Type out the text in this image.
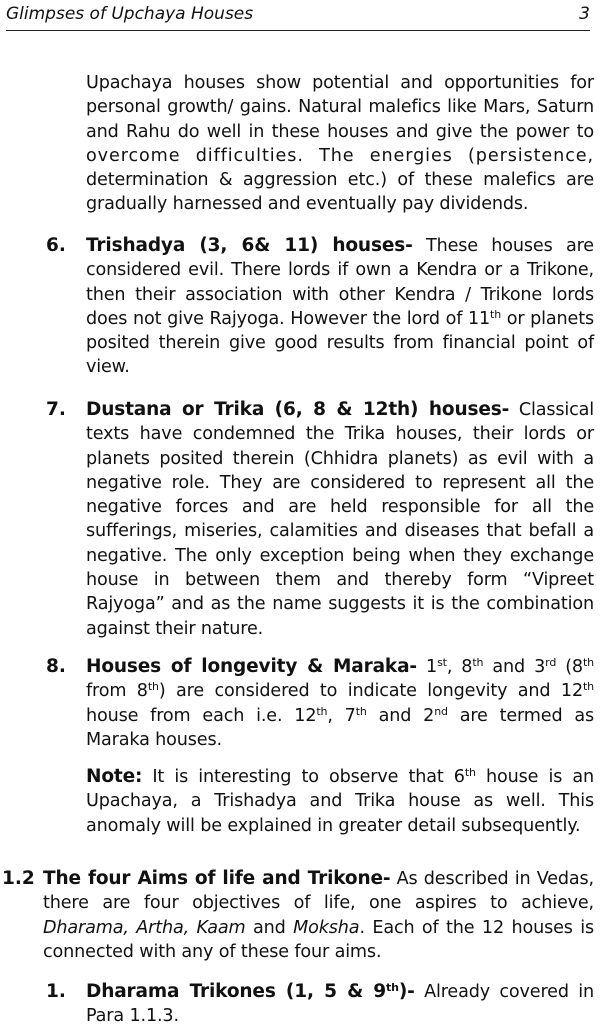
Glimpses of Upchaya Houses	3
Upachaya houses show potential and opportunities for personal growth/ gains. Natural malefics like Mars, Saturn and Rahu do well in these houses and give the power to overcome difficulties. The energies (persistence, determination & aggression etc.) of these malefics are gradually harnessed and eventually pay dividends.
6. Trishadya (3, 6& 11) houses- These houses are considered evil. There lords if own a Kendra or a Trikone, then their association with other Kendra / Trikone lords does not give Rajyoga. However the lord of 11th or planets posited therein give good results from financial point of view.
7. Dustana or Trika (6, 8 & 12th) houses- Classical texts have condemned the Trika houses, their lords or planets posited therein (Chhidra planets) as evil with a negative role. They are considered to represent all the negative forces and are held responsible for all the sufferings, miseries, calamities and diseases that befall a negative. The only exception being when they exchange house in between them and thereby form “Vipreet Rajyoga” and as the name suggests it is the combination against their nature.
8. Houses of longevity & Maraka- 1st, 8th and 3rd (8th from 8th) are considered to indicate longevity and 12th house from each i.e. 12th, 7th and 2nd are termed as Maraka houses.
Note: It is interesting to observe that 6th house is an Upachaya, a Trishadya and Trika house as well. This anomaly will be explained in greater detail subsequently.
1.2 The four Aims of life and Trikone- As described in Vedas, there are four objectives of life, one aspires to achieve, Dharama, Artha, Kaam and Moksha. Each of the 12 houses is connected with any of these four aims.
1. Dharama Trikones (1, 5 & 9th)- Already covered in Para 1.1.3.
